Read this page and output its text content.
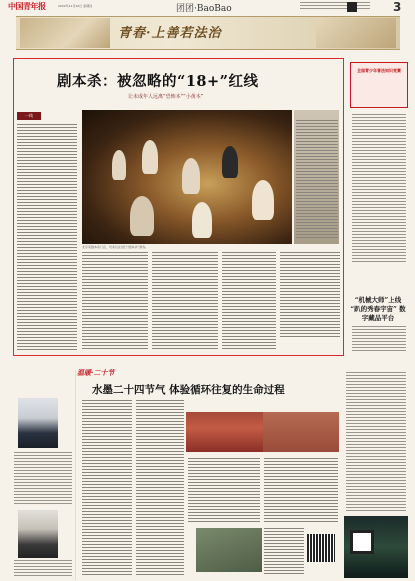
中国青年报	2022年11月10日 星期四	团团·BaoBao	3
青春·上善若法治
剧本杀：被忽略的“18+”红线
让未成年人远离“恐怖本”“小黄本”
一线
北京某剧本杀门店，玩家们在进行“剧本杀”游戏。
全国青少年普法知识竞赛
“机械大师”上线 “趴的秀春宇宙” 数字藏品平台
温暖·二十节
水墨二十四节气 体验循环往复的生命过程
